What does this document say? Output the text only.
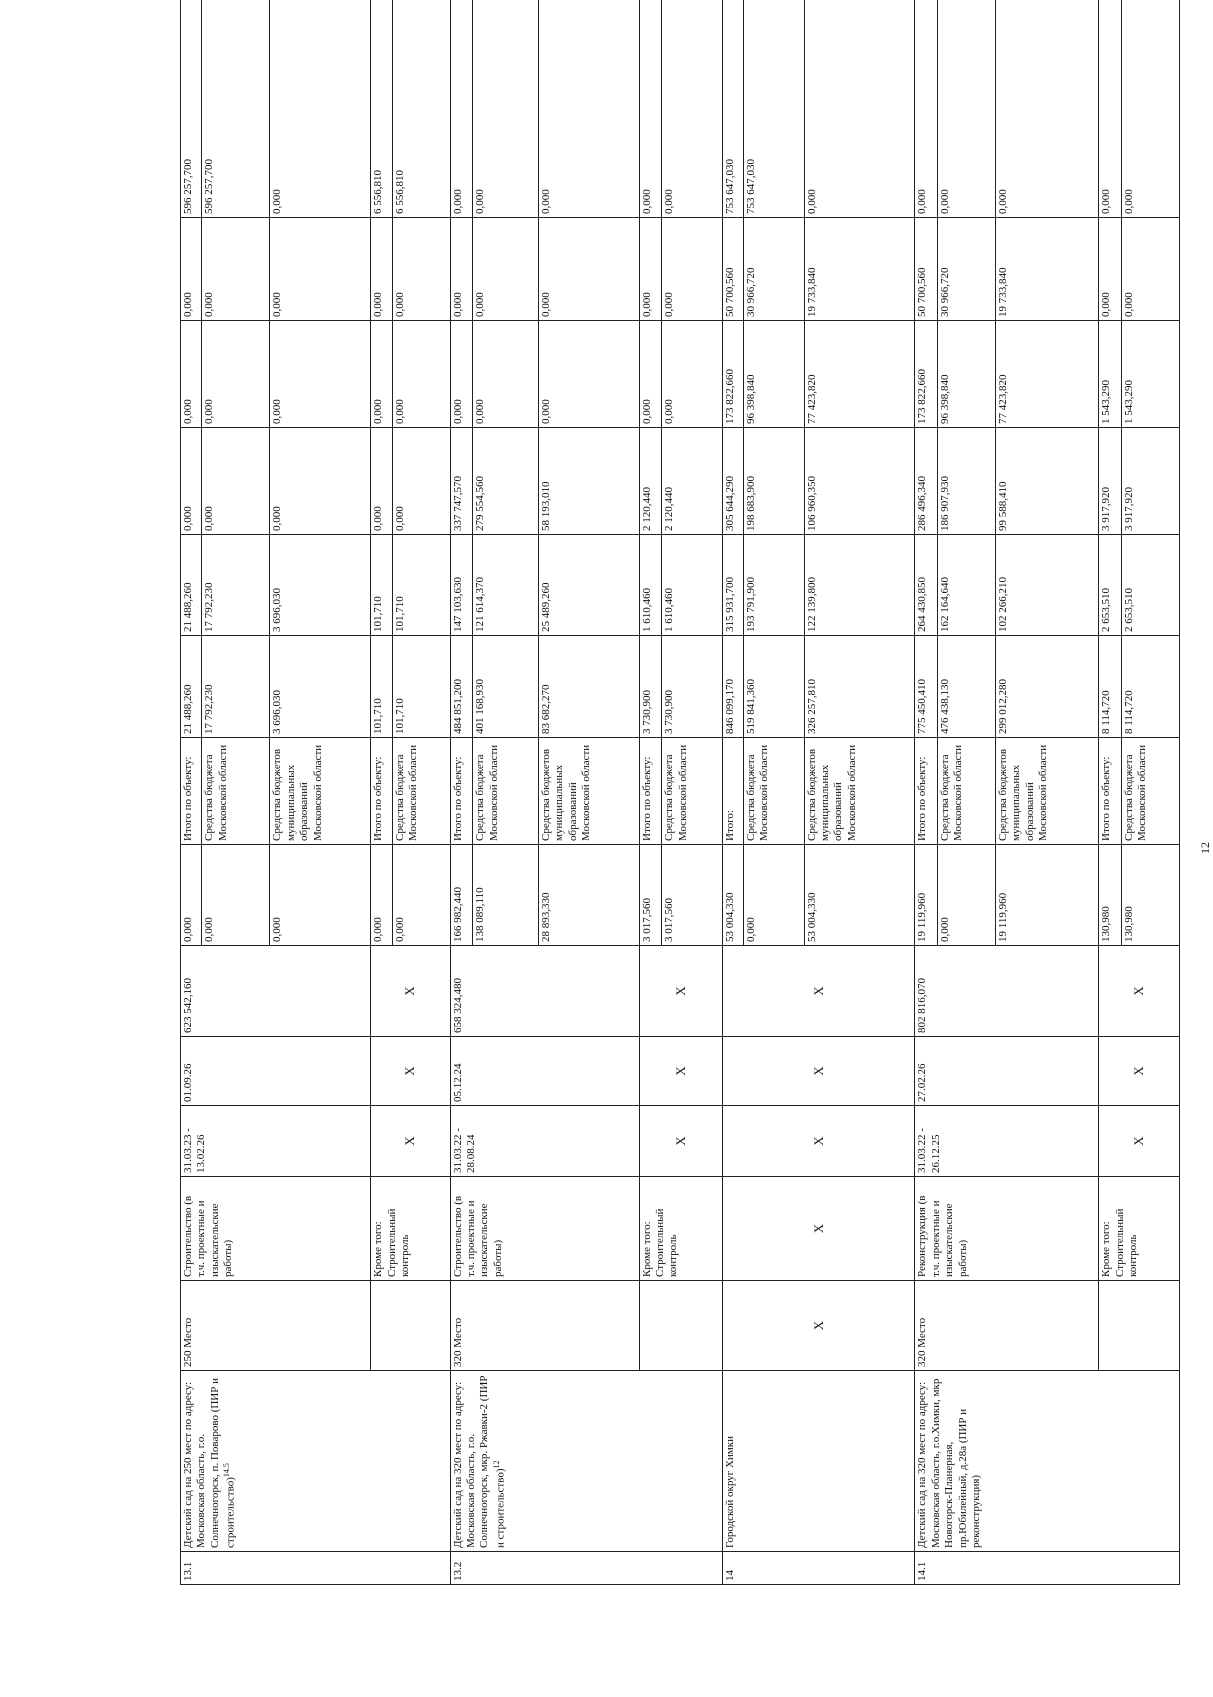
13.1	Детский сад на 250 мест по адресу: Московская область, г.о. Солнечногорск, п. Поварово (ПИР и строительство)$^{14.5}$	250 Место	Строительство (в т.ч. проектные и изыскательские работы)	31.03.23 - 13.02.26	01.09.26	623 542,160	0,000	Итого по объекту:	21 488,260	21 488,260	0,000	0,000	0,000	596 257,700
							0,000	Средства бюджета Московской области	17 792,230	17 792,230	0,000	0,000	0,000	596 257,700
							0,000	Средства бюджетов муниципальных образований Московской области	3 696,030	3 696,030	0,000	0,000	0,000	0,000
			Кроме того: Строительный контроль	X	X	X	0,000	Итого по объекту:	101,710	101,710	0,000	0,000	0,000	6 556,810
							0,000	Средства бюджета Московской области	101,710	101,710	0,000	0,000	0,000	6 556,810
13.2	Детский сад на 320 мест по адресу: Московская область, г.о. Солнечногорск, мкр. Ржавки-2 (ПИР и строительство)$^{12}$	320 Место	Строительство (в т.ч. проектные и изыскательские работы)	31.03.22 - 28.08.24	05.12.24	658 324,480	166 982,440	Итого по объекту:	484 851,200	147 103,630	337 747,570	0,000	0,000	0,000
							138 089,110	Средства бюджета Московской области	401 168,930	121 614,370	279 554,560	0,000	0,000	0,000
							28 893,330	Средства бюджетов муниципальных образований Московской области	83 682,270	25 489,260	58 193,010	0,000	0,000	0,000
			Кроме того: Строительный контроль	X	X	X	3 017,560	Итого по объекту:	3 730,900	1 610,460	2 120,440	0,000	0,000	0,000
							3 017,560	Средства бюджета Московской области	3 730,900	1 610,460	2 120,440	0,000	0,000	0,000
14	Городской округ Химки	X	X	X	X	X	53 004,330	Итого:	846 099,170	315 931,700	305 644,290	173 822,660	50 700,560	753 647,030
							0,000	Средства бюджета Московской области	519 841,360	193 791,900	198 683,900	96 398,840	30 966,720	753 647,030
							53 004,330	Средства бюджетов муниципальных образований Московской области	326 257,810	122 139,800	106 960,350	77 423,820	19 733,840	0,000
14.1	Детский сад на 320 мест по адресу: Московская область, г.о.Химки, мкр Новогорск-Планерная, пр.Юбилейный, д.28а (ПИР и реконструкция)	320 Место	Реконструкция (в т.ч. проектные и изыскательские работы)	31.03.22 - 26.12.25	27.02.26	802 816,070	19 119,960	Итого по объекту:	775 450,410	264 430,850	286 496,340	173 822,660	50 700,560	0,000
							0,000	Средства бюджета Московской области	476 438,130	162 164,640	186 907,930	96 398,840	30 966,720	0,000
							19 119,960	Средства бюджетов муниципальных образований Московской области	299 012,280	102 266,210	99 588,410	77 423,820	19 733,840	0,000
			Кроме того: Строительный контроль	X	X	X	130,980	Итого по объекту:	8 114,720	2 653,510	3 917,920	1 543,290	0,000	0,000
							130,980	Средства бюджета Московской области	8 114,720	2 653,510	3 917,920	1 543,290	0,000	0,000
12
